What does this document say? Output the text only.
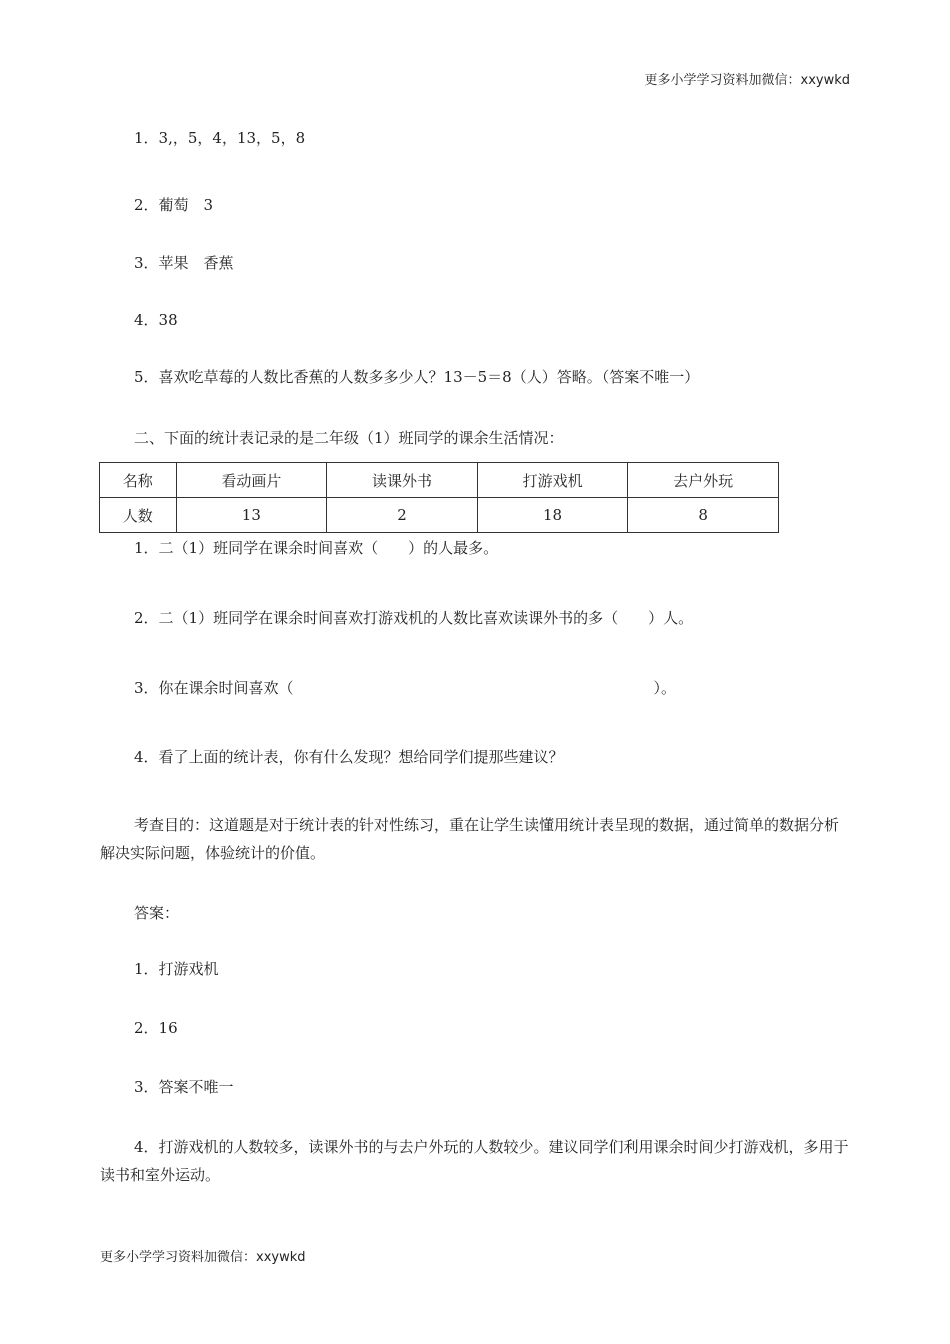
更多小学学习资料加微信：xxywkd
1．3,，5，4，13，5，8
2．葡萄　3
3．苹果　香蕉
4．38
5．喜欢吃草莓的人数比香蕉的人数多多少人？13－5＝8（人）答略。（答案不唯一）
二、下面的统计表记录的是二年级（1）班同学的课余生活情况：
名称	看动画片	读课外书	打游戏机	去户外玩
人数	13	2	18	8
1．二（1）班同学在课余时间喜欢（　　）的人最多。
2．二（1）班同学在课余时间喜欢打游戏机的人数比喜欢读课外书的多（　　）人。
3．你在课余时间喜欢（　　　　　　　　　　　　　　　　　　　　　　　　）。
4．看了上面的统计表，你有什么发现？想给同学们提那些建议？
考查目的：这道题是对于统计表的针对性练习，重在让学生读懂用统计表呈现的数据，通过简单的数据分析解决实际问题，体验统计的价值。
答案：
1．打游戏机
2．16
3．答案不唯一
4．打游戏机的人数较多，读课外书的与去户外玩的人数较少。建议同学们利用课余时间少打游戏机，多用于读书和室外运动。
更多小学学习资料加微信：xxywkd
